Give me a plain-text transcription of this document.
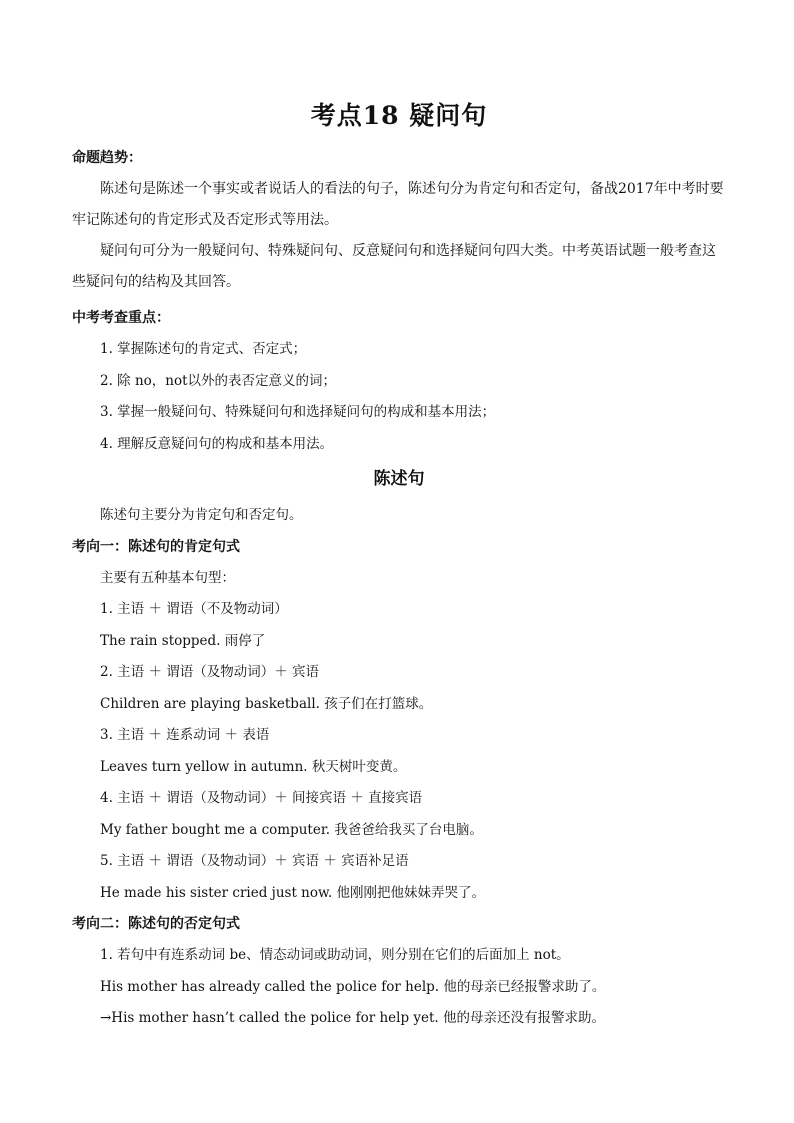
考点18 疑问句

命题趋势：

陈述句是陈述一个事实或者说话人的看法的句子，陈述句分为肯定句和否定句，备战2017年中考时要牢记陈述句的肯定形式及否定形式等用法。

疑问句可分为一般疑问句、特殊疑问句、反意疑问句和选择疑问句四大类。中考英语试题一般考查这些疑问句的结构及其回答。

中考考查重点：

1. 掌握陈述句的肯定式、否定式；

2. 除 no，not以外的表否定意义的词；

3. 掌握一般疑问句、特殊疑问句和选择疑问句的构成和基本用法；

4. 理解反意疑问句的构成和基本用法。

陈述句

陈述句主要分为肯定句和否定句。

考向一：陈述句的肯定句式

主要有五种基本句型：

1. 主语 ＋ 谓语（不及物动词）

The rain stopped. 雨停了

2. 主语 ＋ 谓语（及物动词）＋ 宾语

Children are playing basketball. 孩子们在打篮球。

3. 主语 ＋ 连系动词 ＋ 表语

Leaves turn yellow in autumn. 秋天树叶变黄。

4. 主语 ＋ 谓语（及物动词）＋ 间接宾语 ＋ 直接宾语

My father bought me a computer. 我爸爸给我买了台电脑。

5. 主语 ＋ 谓语（及物动词）＋ 宾语 ＋ 宾语补足语

He made his sister cried just now. 他刚刚把他妹妹弄哭了。

考向二：陈述句的否定句式

1. 若句中有连系动词 be、情态动词或助动词，则分别在它们的后面加上 not。

His mother has already called the police for help. 他的母亲已经报警求助了。

→His mother hasn’t called the police for help yet. 他的母亲还没有报警求助。
